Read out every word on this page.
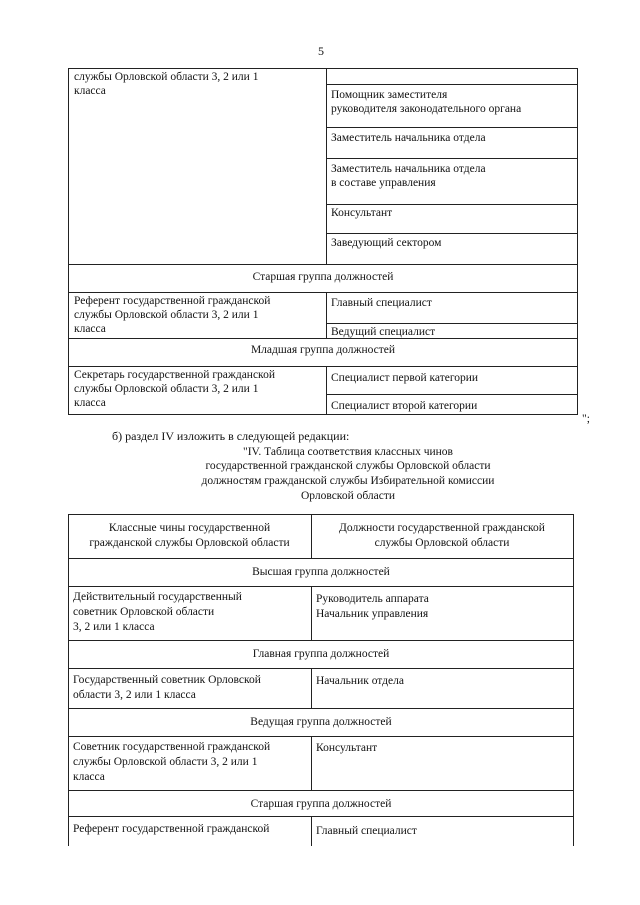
5
службы Орловской области 3, 2 или 1
класса	Помощник заместителя
руководителя законодательного органа
Заместитель начальника отдела
Заместитель начальника отдела
в составе управления
Консультант
Заведующий сектором
Старшая группа должностей
Референт государственной гражданской
службы Орловской области 3, 2 или 1
класса
Главный специалист
Ведущий специалист
Младшая группа должностей
Секретарь государственной гражданской
службы Орловской области 3, 2 или 1
класса
Специалист первой категории
Специалист второй категории
";
б) раздел IV изложить в следующей редакции:
"IV. Таблица соответствия классных чинов
государственной гражданской службы Орловской области
должностям гражданской службы Избирательной комиссии
Орловской области
Классные чины государственной
гражданской службы Орловской области
Должности государственной гражданской
службы Орловской области
Высшая группа должностей
Действительный государственный
советник Орловской области
3, 2 или 1 класса
Руководитель аппарата
Начальник управления
Главная группа должностей
Государственный советник Орловской
области 3, 2 или 1 класса
Начальник отдела
Ведущая группа должностей
Советник государственной гражданской
службы Орловской области 3, 2 или 1
класса
Консультант
Старшая группа должностей
Референт государственной гражданской	Главный специалист
